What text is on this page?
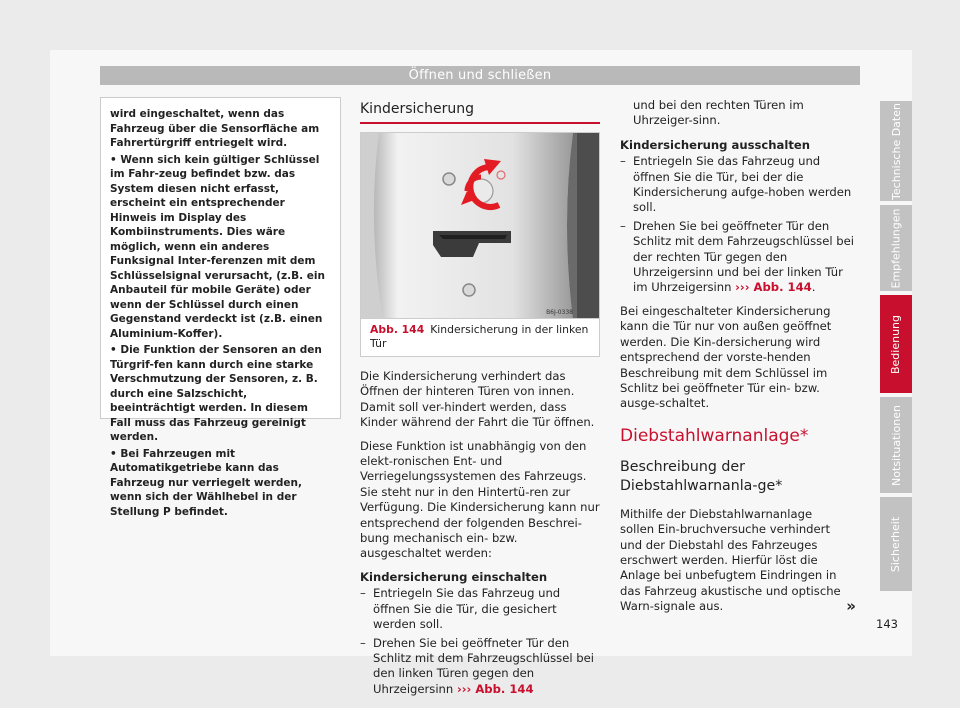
Öffnen und schließen

wird eingeschaltet, wenn das Fahrzeug über die Sensorfläche am Fahrertürgriff entriegelt wird.

• Wenn sich kein gültiger Schlüssel im Fahr-zeug befindet bzw. das System diesen nicht erfasst, erscheint ein entsprechender Hinweis im Display des Kombiinstruments. Dies wäre möglich, wenn ein anderes Funksignal Inter-ferenzen mit dem Schlüsselsignal verursacht, (z.B. ein Anbauteil für mobile Geräte) oder wenn der Schlüssel durch einen Gegenstand verdeckt ist (z.B. einen Aluminium-Koffer).

• Die Funktion der Sensoren an den Türgrif-fen kann durch eine starke Verschmutzung der Sensoren, z. B. durch eine Salzschicht, beeinträchtigt werden. In diesem Fall muss das Fahrzeug gereinigt werden.

• Bei Fahrzeugen mit Automatikgetriebe kann das Fahrzeug nur verriegelt werden, wenn sich der Wählhebel in der Stellung P befindet.

Kindersicherung
B6J-0338
Abb. 144 Kindersicherung in der linken Tür

Die Kindersicherung verhindert das Öffnen der hinteren Türen von innen. Damit soll ver-hindert werden, dass Kinder während der Fahrt die Tür öffnen.

Diese Funktion ist unabhängig von den elekt-ronischen Ent- und Verriegelungssystemen des Fahrzeugs. Sie steht nur in den Hintertü-ren zur Verfügung. Die Kindersicherung kann nur entsprechend der folgenden Beschrei-bung mechanisch ein- bzw. ausgeschaltet werden:

Kindersicherung einschalten
– Entriegeln Sie das Fahrzeug und öffnen Sie die Tür, die gesichert werden soll.
– Drehen Sie bei geöffneter Tür den Schlitz mit dem Fahrzeugschlüssel bei den linken Türen gegen den Uhrzeigersinn ››› Abb. 144

und bei den rechten Türen im Uhrzeiger-sinn.

Kindersicherung ausschalten
– Entriegeln Sie das Fahrzeug und öffnen Sie die Tür, bei der die Kindersicherung aufge-hoben werden soll.
– Drehen Sie bei geöffneter Tür den Schlitz mit dem Fahrzeugschlüssel bei der rechten Tür gegen den Uhrzeigersinn und bei der linken Tür im Uhrzeigersinn ››› Abb. 144.

Bei eingeschalteter Kindersicherung kann die Tür nur von außen geöffnet werden. Die Kin-dersicherung wird entsprechend der vorste-henden Beschreibung mit dem Schlüssel im Schlitz bei geöffneter Tür ein- bzw. ausge-schaltet.

Diebstahlwarnanlage*
Beschreibung der Diebstahlwarnanla-ge*

Mithilfe der Diebstahlwarnanlage sollen Ein-bruchversuche verhindert und der Diebstahl des Fahrzeuges erschwert werden. Hierfür löst die Anlage bei unbefugtem Eindringen in das Fahrzeug akustische und optische Warn-signale aus.	»
Technische Daten
Empfehlungen
Bedienung
Notsituationen
Sicherheit
143
